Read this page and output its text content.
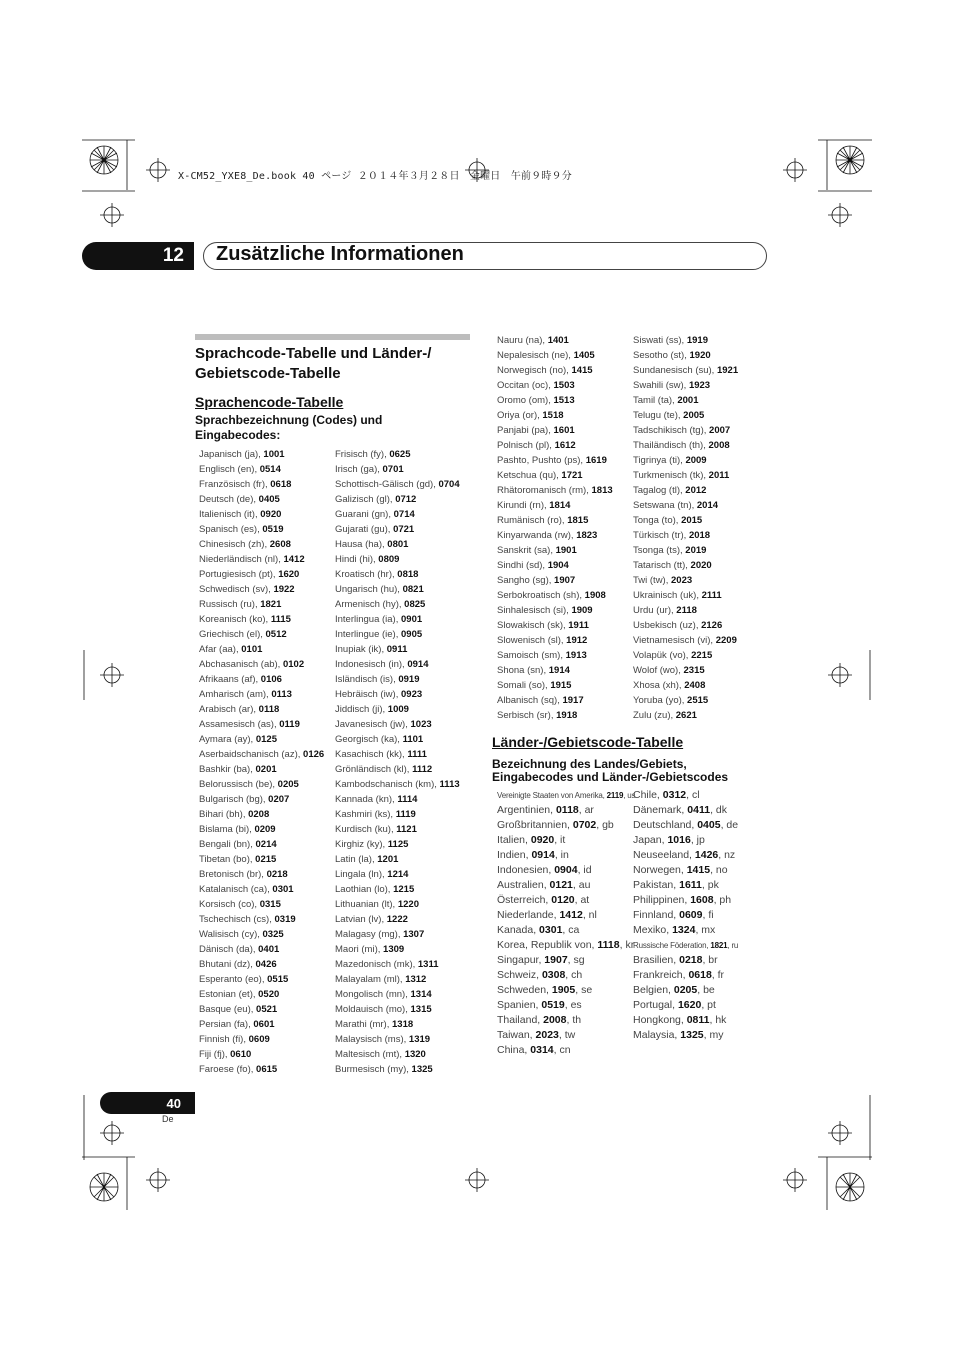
X-CM52_YXE8_De.book 40 ページ ２０１４年３月２８日　金曜日　午前９時９分
12	Zusätzliche Informationen
Sprachcode-Tabelle und Länder-/ Gebietscode-Tabelle
Sprachencode-Tabelle
Sprachbezeichnung (Codes) und Eingabecodes:
Japanisch (ja), 1001
Englisch (en), 0514
Französisch (fr), 0618
Deutsch (de), 0405
Italienisch (it), 0920
Spanisch (es), 0519
Chinesisch (zh), 2608
Niederländisch (nl), 1412
Portugiesisch (pt), 1620
Schwedisch (sv), 1922
Russisch (ru), 1821
Koreanisch (ko), 1115
Griechisch (el), 0512
Afar (aa), 0101
Abchasanisch (ab), 0102
Afrikaans (af), 0106
Amharisch (am), 0113
Arabisch (ar), 0118
Assamesisch (as), 0119
Aymara (ay), 0125
Aserbaidschanisch (az), 0126
Bashkir (ba), 0201
Belorussisch (be), 0205
Bulgarisch (bg), 0207
Bihari (bh), 0208
Bislama (bi), 0209
Bengali (bn), 0214
Tibetan (bo), 0215
Bretonisch (br), 0218
Katalanisch (ca), 0301
Korsisch (co), 0315
Tschechisch (cs), 0319
Walisisch (cy), 0325
Dänisch (da), 0401
Bhutani (dz), 0426
Esperanto (eo), 0515
Estonian (et), 0520
Basque (eu), 0521
Persian (fa), 0601
Finnish (fi), 0609
Fiji (fj), 0610
Faroese (fo), 0615
Frisisch (fy), 0625
Irisch (ga), 0701
Schottisch-Gälisch (gd), 0704
Galizisch (gl), 0712
Guarani (gn), 0714
Gujarati (gu), 0721
Hausa (ha), 0801
Hindi (hi), 0809
Kroatisch (hr), 0818
Ungarisch (hu), 0821
Armenisch (hy), 0825
Interlingua (ia), 0901
Interlingue (ie), 0905
Inupiak (ik), 0911
Indonesisch (in), 0914
Isländisch (is), 0919
Hebräisch (iw), 0923
Jiddisch (ji), 1009
Javanesisch (jw), 1023
Georgisch (ka), 1101
Kasachisch (kk), 1111
Grönländisch (kl), 1112
Kambodschanisch (km), 1113
Kannada (kn), 1114
Kashmiri (ks), 1119
Kurdisch (ku), 1121
Kirghiz (ky), 1125
Latin (la), 1201
Lingala (ln), 1214
Laothian (lo), 1215
Lithuanian (lt), 1220
Latvian (lv), 1222
Malagasy (mg), 1307
Maori (mi), 1309
Mazedonisch (mk), 1311
Malayalam (ml), 1312
Mongolisch (mn), 1314
Moldauisch (mo), 1315
Marathi (mr), 1318
Malaysisch (ms), 1319
Maltesisch (mt), 1320
Burmesisch (my), 1325
Nauru (na), 1401
Nepalesisch (ne), 1405
Norwegisch (no), 1415
Occitan (oc), 1503
Oromo (om), 1513
Oriya (or), 1518
Panjabi (pa), 1601
Polnisch (pl), 1612
Pashto, Pushto (ps), 1619
Ketschua (qu), 1721
Rhätoromanisch (rm), 1813
Kirundi (rn), 1814
Rumänisch (ro), 1815
Kinyarwanda (rw), 1823
Sanskrit (sa), 1901
Sindhi (sd), 1904
Sangho (sg), 1907
Serbokroatisch (sh), 1908
Sinhalesisch (si), 1909
Slowakisch (sk), 1911
Slowenisch (sl), 1912
Samoisch (sm), 1913
Shona (sn), 1914
Somali (so), 1915
Albanisch (sq), 1917
Serbisch (sr), 1918
Siswati (ss), 1919
Sesotho (st), 1920
Sundanesisch (su), 1921
Swahili (sw), 1923
Tamil (ta), 2001
Telugu (te), 2005
Tadschikisch (tg), 2007
Thailändisch (th), 2008
Tigrinya (ti), 2009
Turkmenisch (tk), 2011
Tagalog (tl), 2012
Setswana (tn), 2014
Tonga (to), 2015
Türkisch (tr), 2018
Tsonga (ts), 2019
Tatarisch (tt), 2020
Twi (tw), 2023
Ukrainisch (uk), 2111
Urdu (ur), 2118
Usbekisch (uz), 2126
Vietnamesisch (vi), 2209
Volapük (vo), 2215
Wolof (wo), 2315
Xhosa (xh), 2408
Yoruba (yo), 2515
Zulu (zu), 2621
Länder-/Gebietscode-Tabelle
Bezeichnung des Landes/Gebiets, Eingabecodes und Länder-/Gebietscodes
Vereinigte Staaten von Amerika, 2119, us
Argentinien, 0118, ar
Großbritannien, 0702, gb
Italien, 0920, it
Indien, 0914, in
Indonesien, 0904, id
Australien, 0121, au
Österreich, 0120, at
Niederlande, 1412, nl
Kanada, 0301, ca
Korea, Republik von, 1118, kr
Singapur, 1907, sg
Schweiz, 0308, ch
Schweden, 1905, se
Spanien, 0519, es
Thailand, 2008, th
Taiwan, 2023, tw
China, 0314, cn
Chile, 0312, cl
Dänemark, 0411, dk
Deutschland, 0405, de
Japan, 1016, jp
Neuseeland, 1426, nz
Norwegen, 1415, no
Pakistan, 1611, pk
Philippinen, 1608, ph
Finnland, 0609, fi
Mexiko, 1324, mx
Russische Föderation, 1821, ru
Brasilien, 0218, br
Frankreich, 0618, fr
Belgien, 0205, be
Portugal, 1620, pt
Hongkong, 0811, hk
Malaysia, 1325, my
40
De
